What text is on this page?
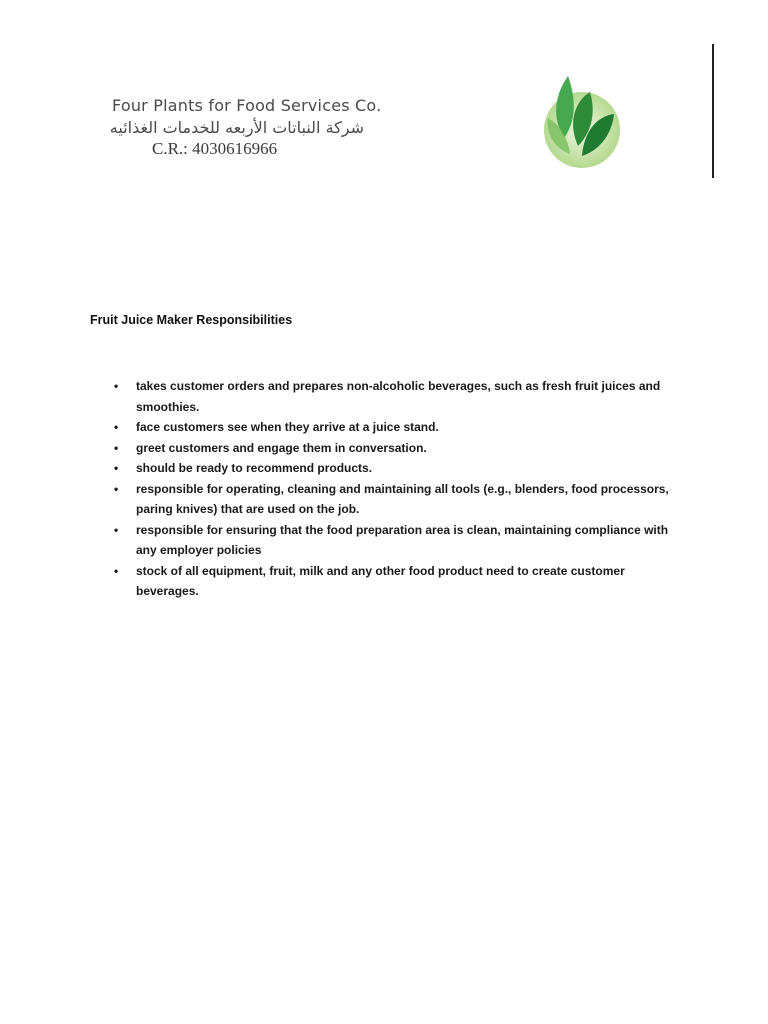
Four Plants for Food Services Co.
شركة النباتات الأربعه للخدمات الغذائيه
C.R.: 4030616966
Fruit Juice Maker Responsibilities
• takes customer orders and prepares non-alcoholic beverages, such as fresh fruit juices and smoothies.
• face customers see when they arrive at a juice stand.
• greet customers and engage them in conversation.
• should be ready to recommend products.
• responsible for operating, cleaning and maintaining all tools (e.g., blenders, food processors, paring knives) that are used on the job.
• responsible for ensuring that the food preparation area is clean, maintaining compliance with any employer policies
• stock of all equipment, fruit, milk and any other food product need to create customer beverages.
